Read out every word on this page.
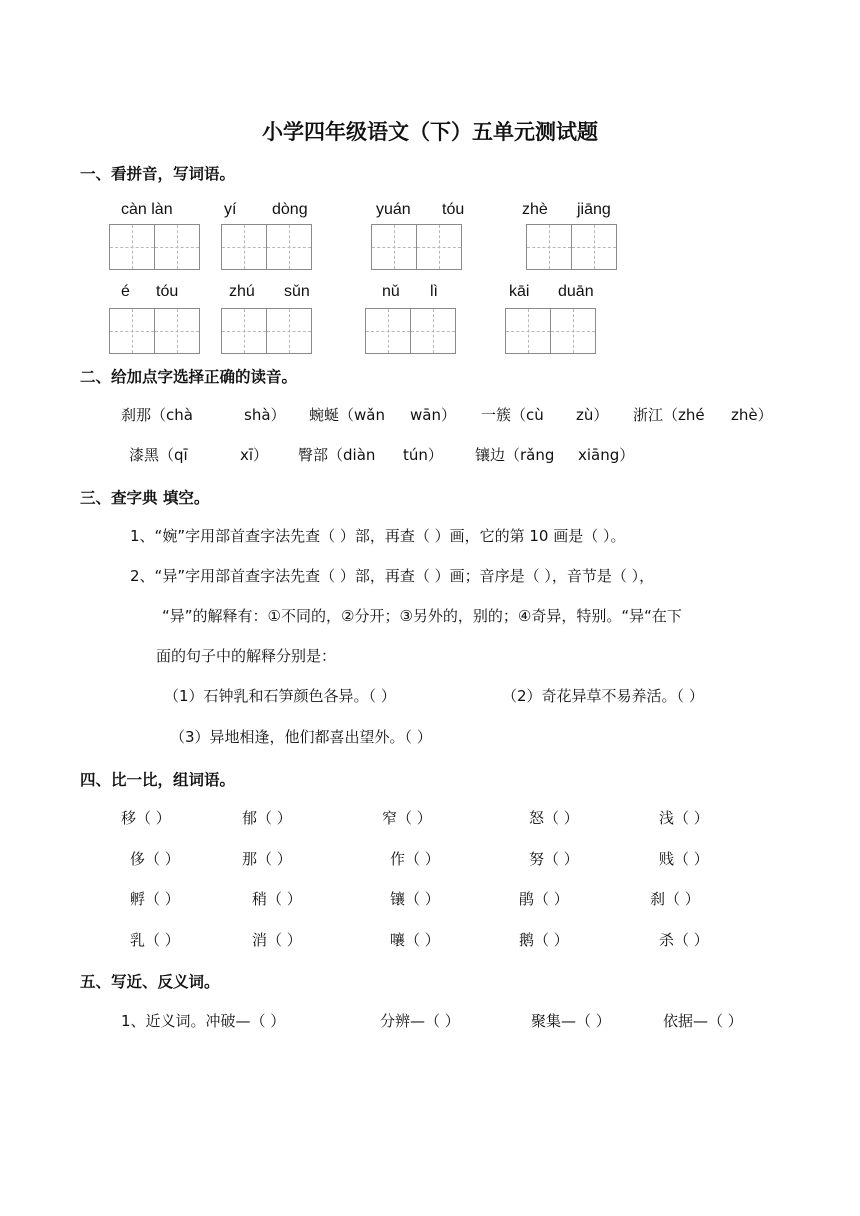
小学四年级语文（下）五单元测试题
一、看拼音，写词语。
càn làn	yí dòng	yuán tóu	zhè jiāng
é tóu	zhú sǔn	nǔ lì	kāi duān
二、给加点字选择正确的读音。
刹那（chà	shà） 蜿蜒（wǎn wān） 一簇（cù zù） 浙江（zhé zhè）
漆黑（qī	xī） 臀部（diàn tún） 镶边（rǎng xiāng）
三、查字典 填空。
1、“婉”字用部首查字法先查（ ）部，再查（ ）画，它的第 10 画是（ ）。
2、“异”字用部首查字法先查（ ）部，再查（ ）画；音序是（ ），音节是（ ），
“异”的解释有：①不同的，②分开；③另外的，别的；④奇异，特别。“异“在下
面的句子中的解释分别是：
（1）石钟乳和石笋颜色各异。（ ）	（2）奇花异草不易养活。（ ）
（3）异地相逢，他们都喜出望外。（ ）
四、比一比，组词语。
移（ ）	郁（ ）	窄（ ）	怒（ ）	浅（ ）
侈（ ）	那（ ）	作（ ）	努（ ）	贱（ ）
孵（ ）	稍（ ）	镶（ ）	鹃（ ）	刹（ ）
乳（ ）	消（ ）	嚷（ ）	鹅（ ）	杀（ ）
五、写近、反义词。
1、近义词。冲破—（ ）	分辨—（ ）	聚集—（ ）	依据—（ ）
